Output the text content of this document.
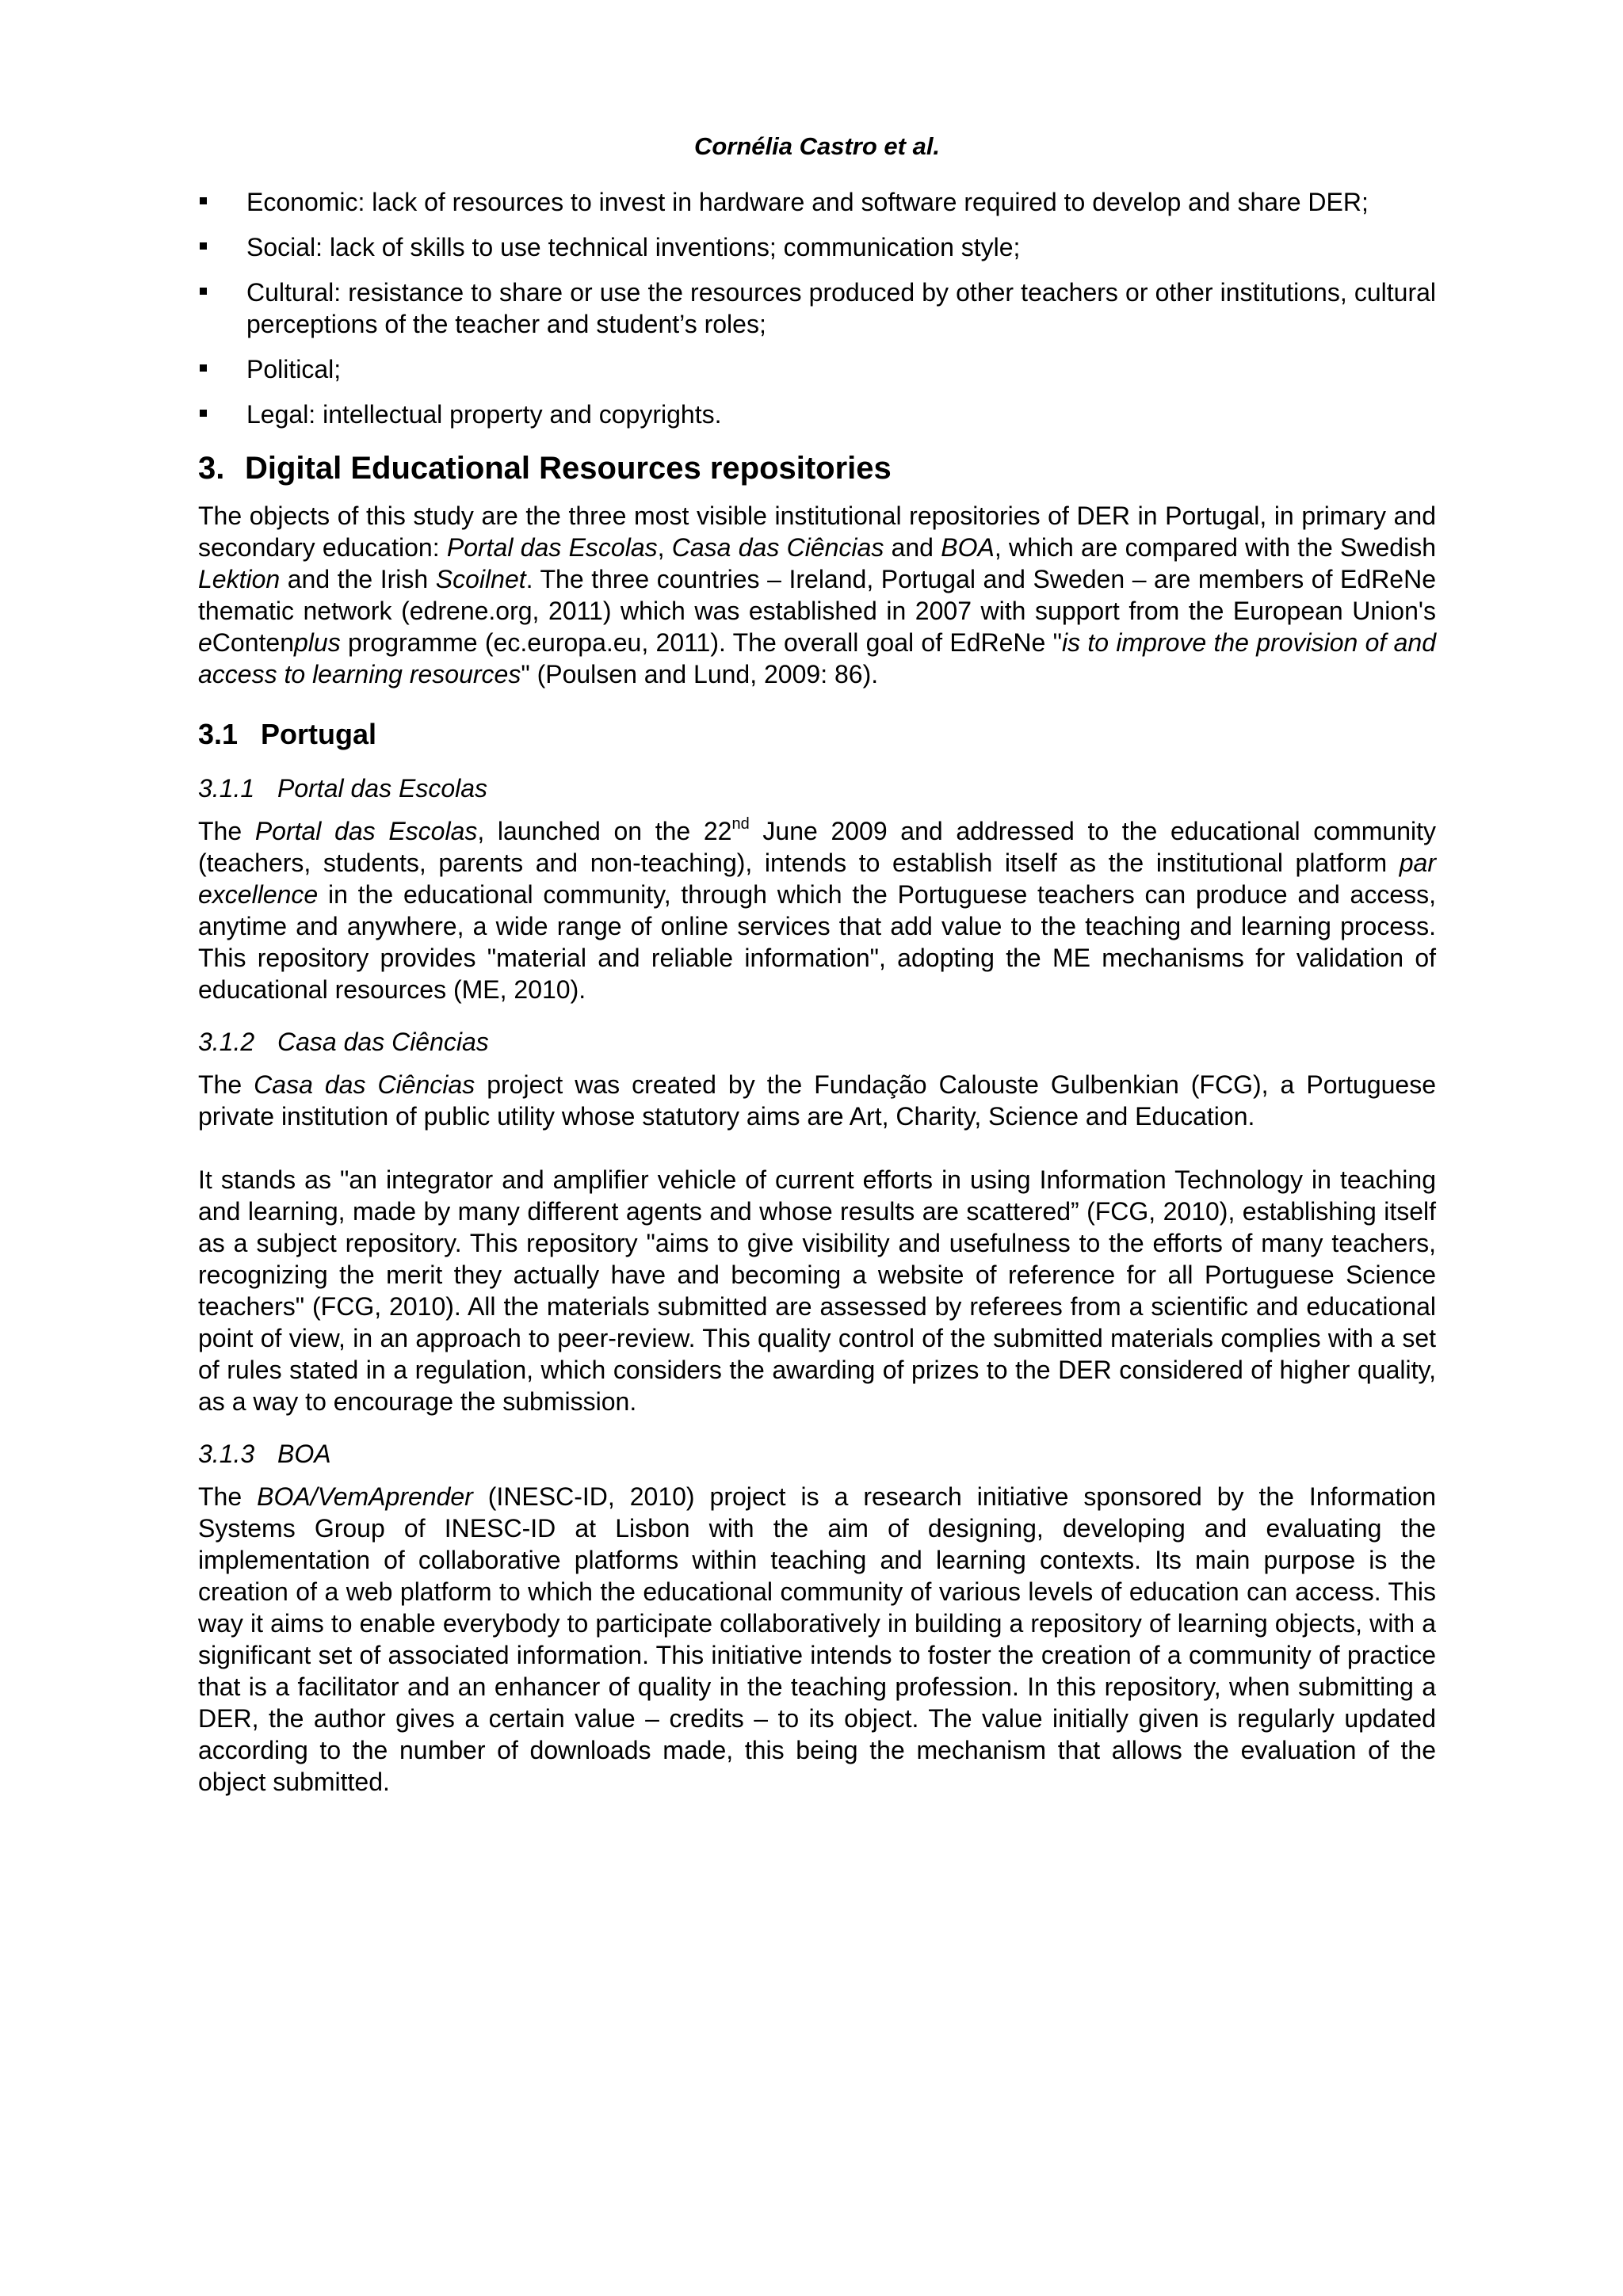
Cornélia Castro et al.
Economic: lack of resources to invest in hardware and software required to develop and share DER;
Social: lack of skills to use technical inventions; communication style;
Cultural: resistance to share or use the resources produced by other teachers or other institutions, cultural perceptions of the teacher and student’s roles;
Political;
Legal: intellectual property and copyrights.
3. Digital Educational Resources repositories

The objects of this study are the three most visible institutional repositories of DER in Portugal, in primary and secondary education: Portal das Escolas, Casa das Ciências and BOA, which are compared with the Swedish Lektion and the Irish Scoilnet. The three countries – Ireland, Portugal and Sweden – are members of EdReNe thematic network (edrene.org, 2011) which was established in 2007 with support from the European Union's eContenplus programme (ec.europa.eu, 2011). The overall goal of EdReNe "is to improve the provision of and access to learning resources" (Poulsen and Lund, 2009: 86).

3.1 Portugal
3.1.1 Portal das Escolas

The Portal das Escolas, launched on the 22nd June 2009 and addressed to the educational community (teachers, students, parents and non-teaching), intends to establish itself as the institutional platform par excellence in the educational community, through which the Portuguese teachers can produce and access, anytime and anywhere, a wide range of online services that add value to the teaching and learning process. This repository provides "material and reliable information", adopting the ME mechanisms for validation of educational resources (ME, 2010).

3.1.2 Casa das Ciências

The Casa das Ciências project was created by the Fundação Calouste Gulbenkian (FCG), a Portuguese private institution of public utility whose statutory aims are Art, Charity, Science and Education.

It stands as "an integrator and amplifier vehicle of current efforts in using Information Technology in teaching and learning, made by many different agents and whose results are scattered” (FCG, 2010), establishing itself as a subject repository. This repository "aims to give visibility and usefulness to the efforts of many teachers, recognizing the merit they actually have and becoming a website of reference for all Portuguese Science teachers" (FCG, 2010). All the materials submitted are assessed by referees from a scientific and educational point of view, in an approach to peer-review. This quality control of the submitted materials complies with a set of rules stated in a regulation, which considers the awarding of prizes to the DER considered of higher quality, as a way to encourage the submission.

3.1.3 BOA

The BOA/VemAprender (INESC-ID, 2010) project is a research initiative sponsored by the Information Systems Group of INESC-ID at Lisbon with the aim of designing, developing and evaluating the implementation of collaborative platforms within teaching and learning contexts. Its main purpose is the creation of a web platform to which the educational community of various levels of education can access. This way it aims to enable everybody to participate collaboratively in building a repository of learning objects, with a significant set of associated information. This initiative intends to foster the creation of a community of practice that is a facilitator and an enhancer of quality in the teaching profession. In this repository, when submitting a DER, the author gives a certain value – credits – to its object. The value initially given is regularly updated according to the number of downloads made, this being the mechanism that allows the evaluation of the object submitted.
